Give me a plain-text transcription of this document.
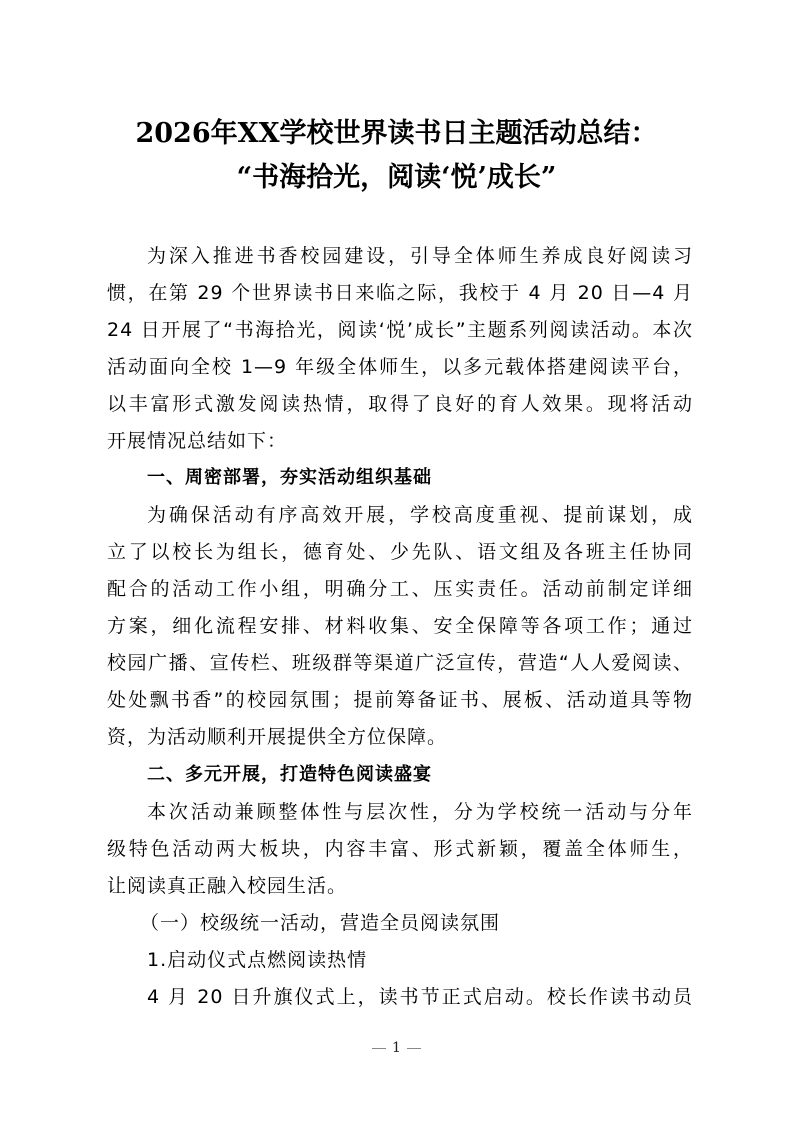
2026年XX学校世界读书日主题活动总结：
“书海拾光，阅读‘悦’成长”
为深入推进书香校园建设，引导全体师生养成良好阅读习
惯，在第 29 个世界读书日来临之际，我校于 4 月 20 日—4 月
24 日开展了“书海拾光，阅读‘悦’成长”主题系列阅读活动。本次
活动面向全校 1—9 年级全体师生，以多元载体搭建阅读平台，
以丰富形式激发阅读热情，取得了良好的育人效果。现将活动
开展情况总结如下：
一、周密部署，夯实活动组织基础
为确保活动有序高效开展，学校高度重视、提前谋划，成
立了以校长为组长，德育处、少先队、语文组及各班主任协同
配合的活动工作小组，明确分工、压实责任。活动前制定详细
方案，细化流程安排、材料收集、安全保障等各项工作；通过
校园广播、宣传栏、班级群等渠道广泛宣传，营造“人人爱阅读、
处处飘书香”的校园氛围；提前筹备证书、展板、活动道具等物
资，为活动顺利开展提供全方位保障。
二、多元开展，打造特色阅读盛宴
本次活动兼顾整体性与层次性，分为学校统一活动与分年
级特色活动两大板块，内容丰富、形式新颖，覆盖全体师生，
让阅读真正融入校园生活。
（一）校级统一活动，营造全员阅读氛围
1.启动仪式点燃阅读热情
4 月 20 日升旗仪式上，读书节正式启动。校长作读书动员
1
